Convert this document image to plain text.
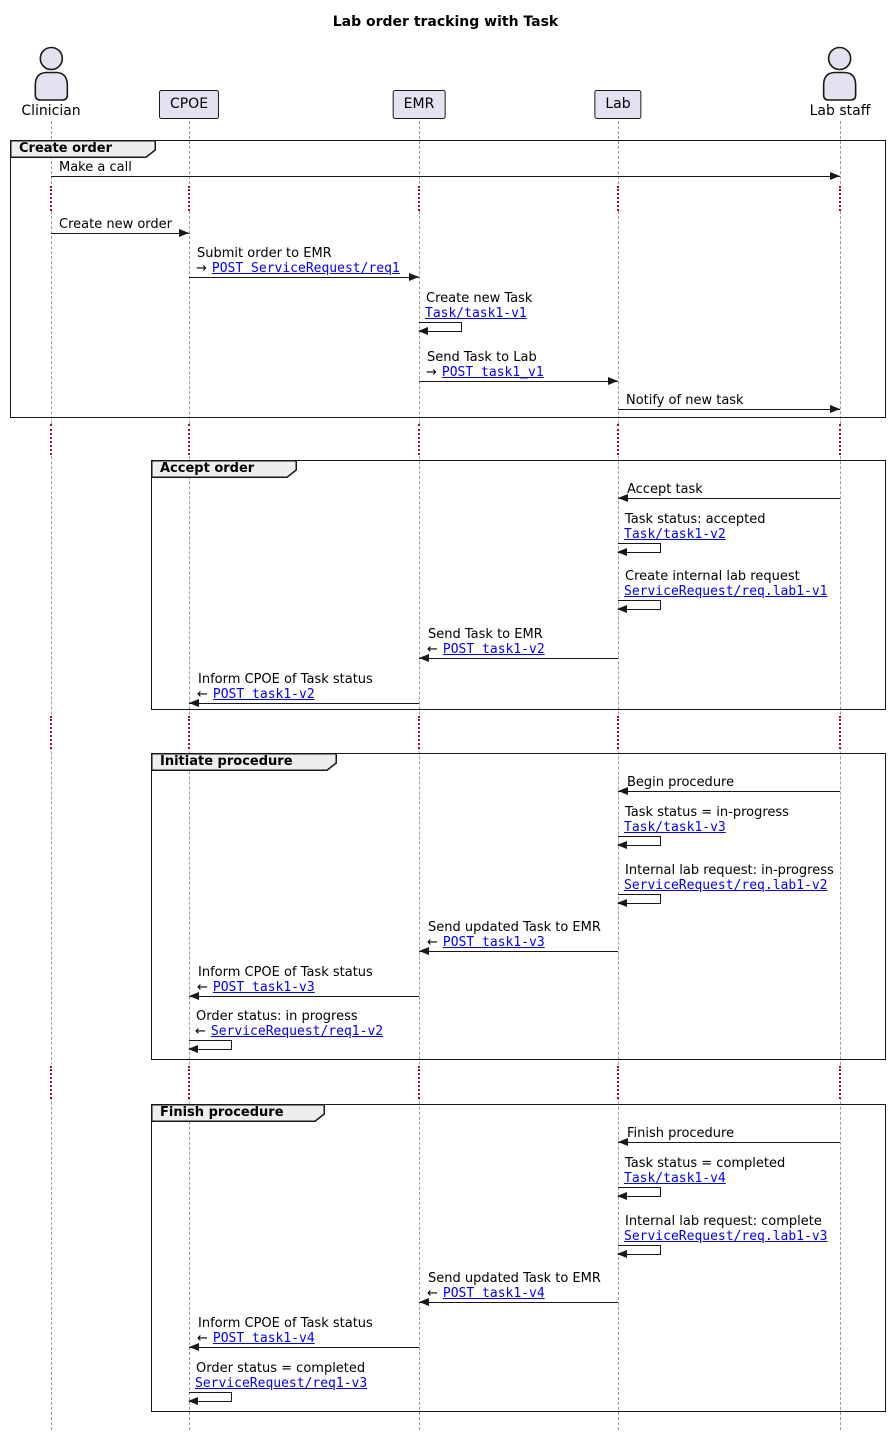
Lab order tracking with Task
Create order
Accept order
Initiate procedure
Finish procedure
Make a call
Create new order
Submit order to EMR
→ POST ServiceRequest/req1
Create new Task
Task/task1-v1
Send Task to Lab
→ POST task1_v1
Notify of new task
Accept task
Task status: accepted
Task/task1-v2
Create internal lab request
ServiceRequest/req.lab1-v1
Send Task to EMR
← POST task1-v2
Inform CPOE of Task status
← POST task1-v2
Begin procedure
Task status = in-progress
Task/task1-v3
Internal lab request: in-progress
ServiceRequest/req.lab1-v2
Send updated Task to EMR
← POST task1-v3
Inform CPOE of Task status
← POST task1-v3
Order status: in progress
← ServiceRequest/req1-v2
Finish procedure
Task status = completed
Task/task1-v4
Internal lab request: complete
ServiceRequest/req.lab1-v3
Send updated Task to EMR
← POST task1-v4
Inform CPOE of Task status
← POST task1-v4
Order status = completed
ServiceRequest/req1-v3
Clinician	CPOE	EMR	Lab	Lab staff
